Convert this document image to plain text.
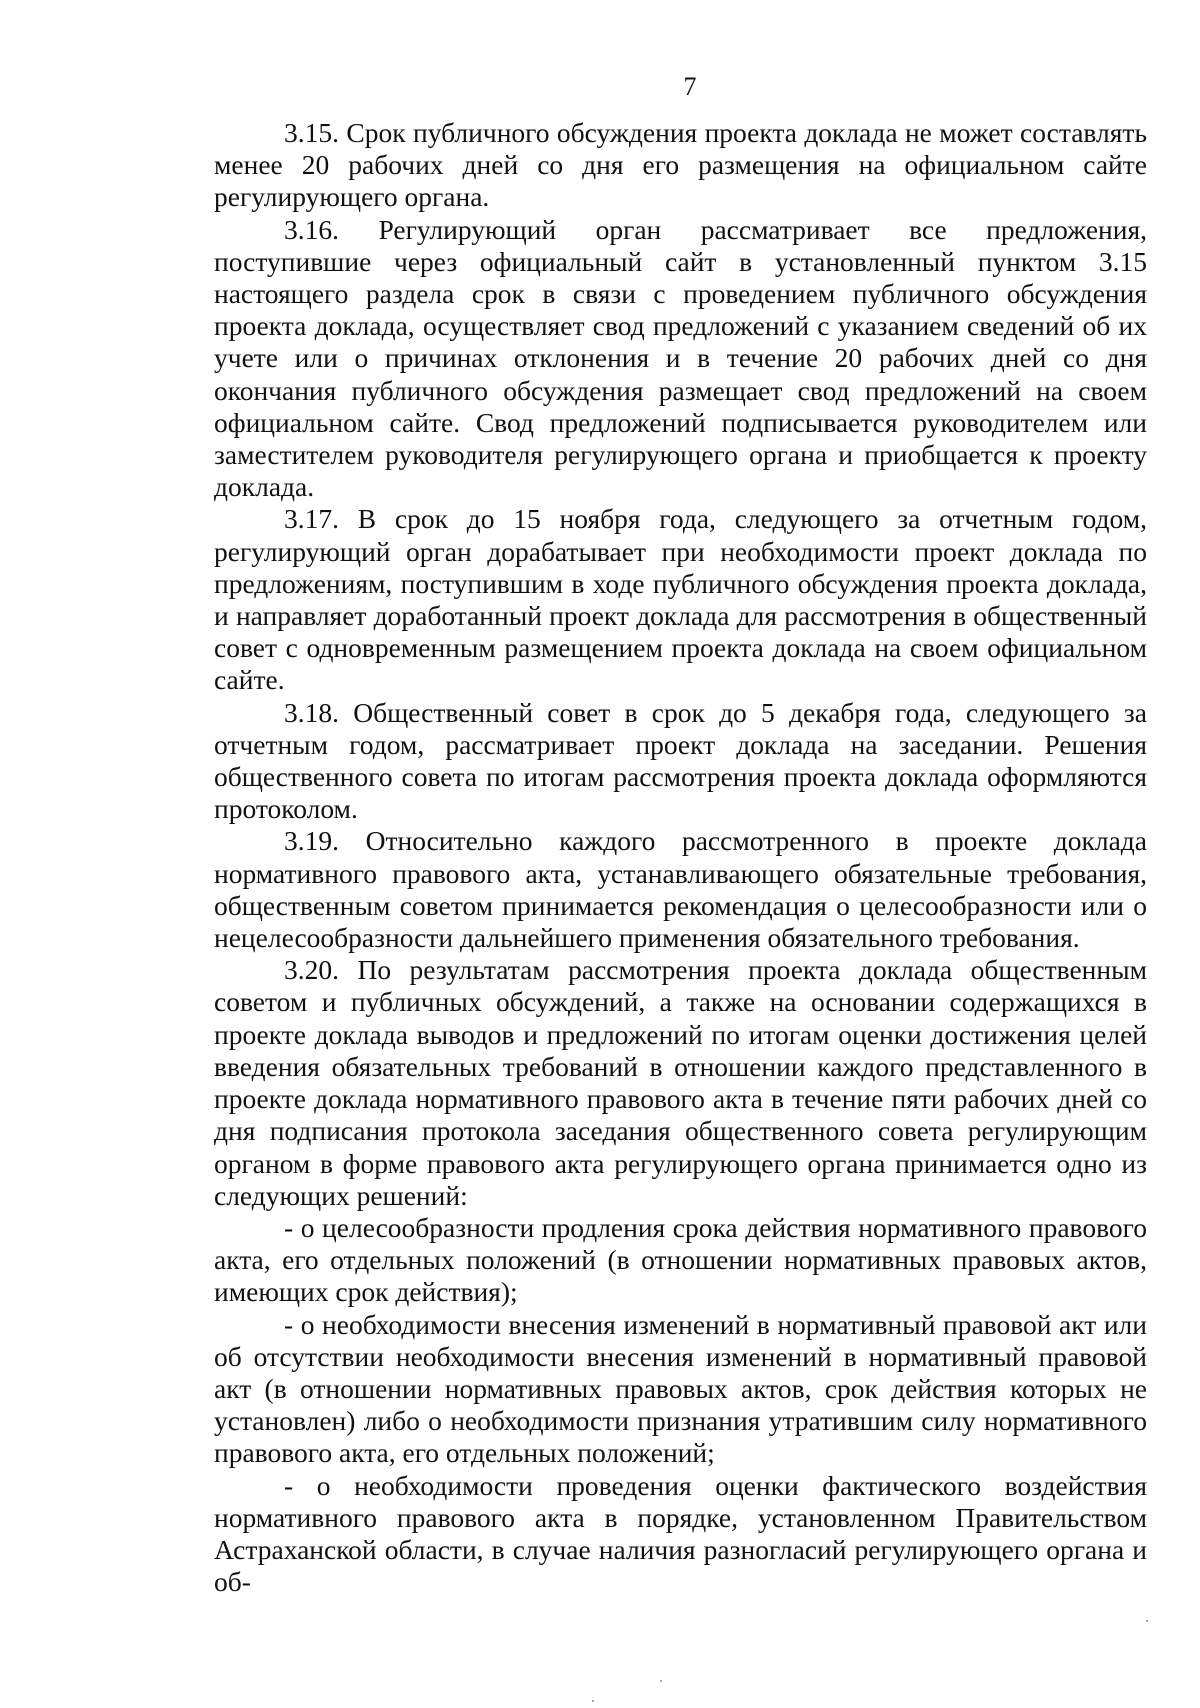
7

3.15. Срок публичного обсуждения проекта доклада не может составлять менее 20 рабочих дней со дня его размещения на официальном сайте регулирующего органа.

3.16. Регулирующий орган рассматривает все предложения, поступившие через официальный сайт в установленный пунктом 3.15 настоящего раздела срок в связи с проведением публичного обсуждения проекта доклада, осуществляет свод предложений с указанием сведений об их учете или о причинах отклонения и в течение 20 рабочих дней со дня окончания публичного обсуждения размещает свод предложений на своем официальном сайте. Свод предложений подписывается руководителем или заместителем руководителя регулирующего органа и приобщается к проекту доклада.

3.17. В срок до 15 ноября года, следующего за отчетным годом, регулирующий орган дорабатывает при необходимости проект доклада по предложениям, поступившим в ходе публичного обсуждения проекта доклада, и направляет доработанный проект доклада для рассмотрения в общественный совет с одновременным размещением проекта доклада на своем официальном сайте.

3.18. Общественный совет в срок до 5 декабря года, следующего за отчетным годом, рассматривает проект доклада на заседании. Решения общественного совета по итогам рассмотрения проекта доклада оформляются протоколом.

3.19. Относительно каждого рассмотренного в проекте доклада нормативного правового акта, устанавливающего обязательные требования, общественным советом принимается рекомендация о целесообразности или о нецелесообразности дальнейшего применения обязательного требования.

3.20. По результатам рассмотрения проекта доклада общественным советом и публичных обсуждений, а также на основании содержащихся в проекте доклада выводов и предложений по итогам оценки достижения целей введения обязательных требований в отношении каждого представленного в проекте доклада нормативного правового акта в течение пяти рабочих дней со дня подписания протокола заседания общественного совета регулирующим органом в форме правового акта регулирующего органа принимается одно из следующих решений:

- о целесообразности продления срока действия нормативного правового акта, его отдельных положений (в отношении нормативных правовых актов, имеющих срок действия);

- о необходимости внесения изменений в нормативный правовой акт или об отсутствии необходимости внесения изменений в нормативный правовой акт (в отношении нормативных правовых актов, срок действия которых не установлен) либо о необходимости признания утратившим силу нормативного правового акта, его отдельных положений;

- о необходимости проведения оценки фактического воздействия нормативного правового акта в порядке, установленном Правительством Астраханской области, в случае наличия разногласий регулирующего органа и об-
